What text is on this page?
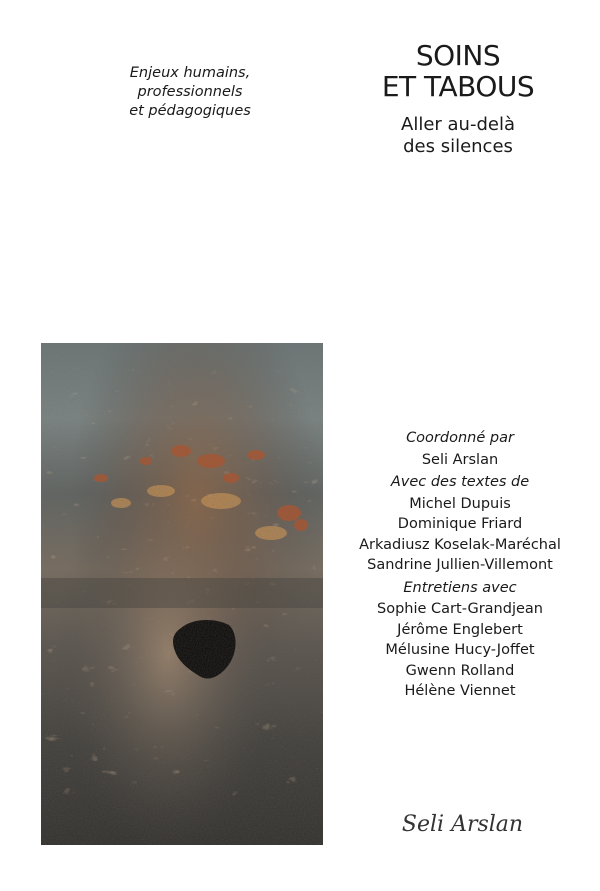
Enjeux humains,
professionnels
et pédagogiques
SOINS
ET TABOUS
Aller au-delà
des silences
Coordonné par
Seli Arslan
Avec des textes de
Michel Dupuis
Dominique Friard
Arkadiusz Koselak-Maréchal
Sandrine Jullien-Villemont
Entretiens avec
Sophie Cart-Grandjean
Jérôme Englebert
Mélusine Hucy-Joffet
Gwenn Rolland
Hélène Viennet
Seli Arslan
